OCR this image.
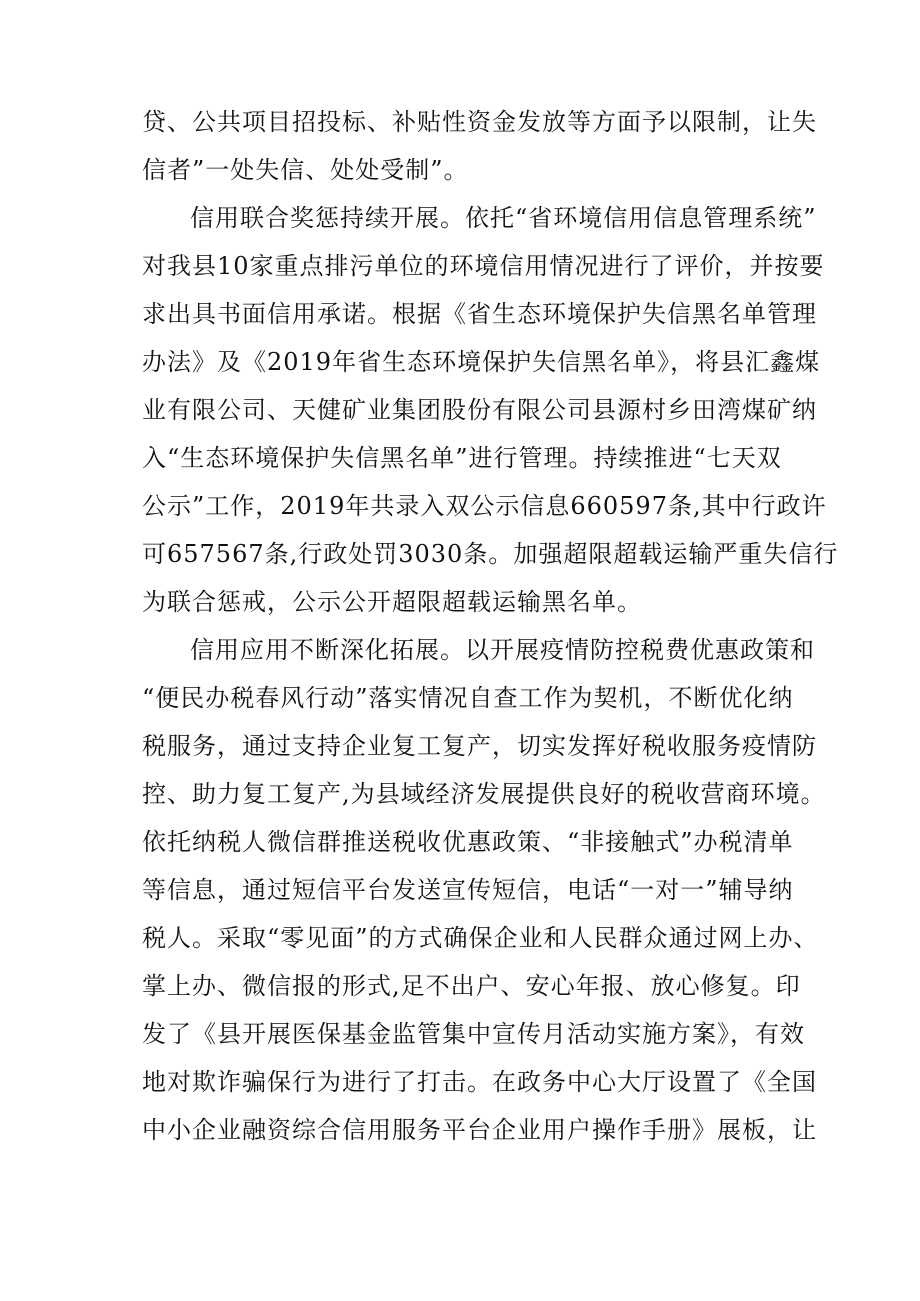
贷、公共项目招投标、补贴性资金发放等方面予以限制，让失
信者”一处失信、处处受制”。

信用联合奖惩持续开展。依托“省环境信用信息管理系统”
对我县10家重点排污单位的环境信用情况进行了评价，并按要
求出具书面信用承诺。根据《省生态环境保护失信黑名单管理
办法》及《2019年省生态环境保护失信黑名单》，将县汇鑫煤
业有限公司、天健矿业集团股份有限公司县源村乡田湾煤矿纳
入“生态环境保护失信黑名单”进行管理。持续推进“七天双
公示”工作，2019年共录入双公示信息660597条,其中行政许
可657567条,行政处罚3030条。加强超限超载运输严重失信行
为联合惩戒，公示公开超限超载运输黑名单。

信用应用不断深化拓展。以开展疫情防控税费优惠政策和
“便民办税春风行动”落实情况自查工作为契机，不断优化纳
税服务，通过支持企业复工复产，切实发挥好税收服务疫情防
控、助力复工复产,为县域经济发展提供良好的税收营商环境。
依托纳税人微信群推送税收优惠政策、“非接触式”办税清单
等信息，通过短信平台发送宣传短信，电话“一对一”辅导纳
税人。采取“零见面”的方式确保企业和人民群众通过网上办、
掌上办、微信报的形式,足不出户、安心年报、放心修复。印
发了《县开展医保基金监管集中宣传月活动实施方案》，有效
地对欺诈骗保行为进行了打击。在政务中心大厅设置了《全国
中小企业融资综合信用服务平台企业用户操作手册》展板，让
